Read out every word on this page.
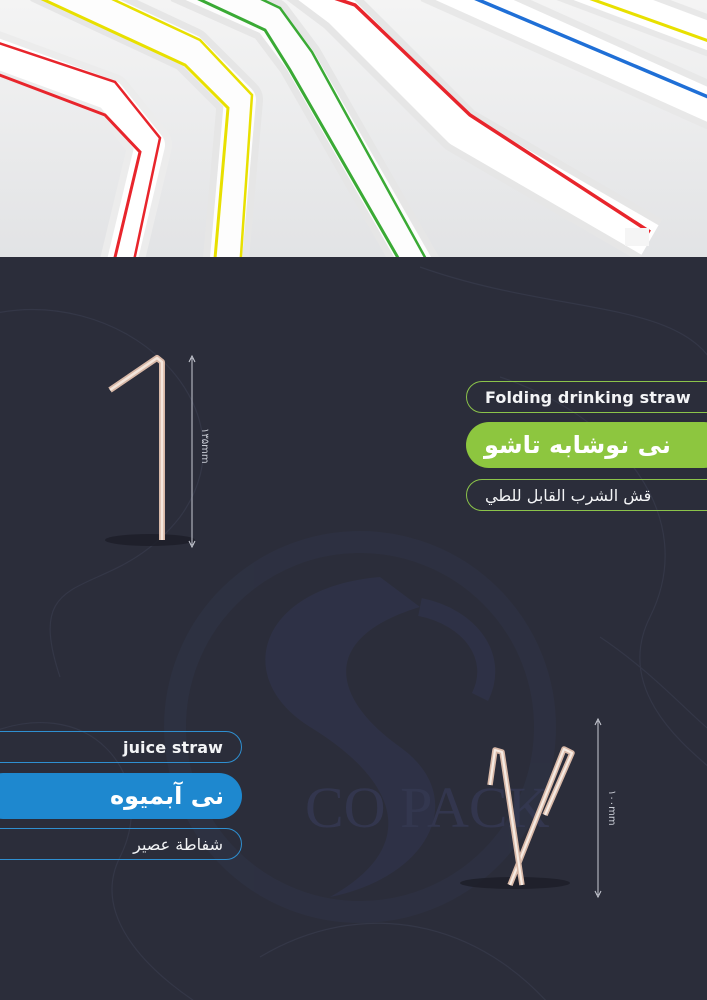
CO PACK
۱۳۵mm
Folding drinking straw
نی نوشابه تاشو
قش الشرب القابل للطي
juice straw
نی آبمیوه
شفاطة عصير
۱۰۰mm
